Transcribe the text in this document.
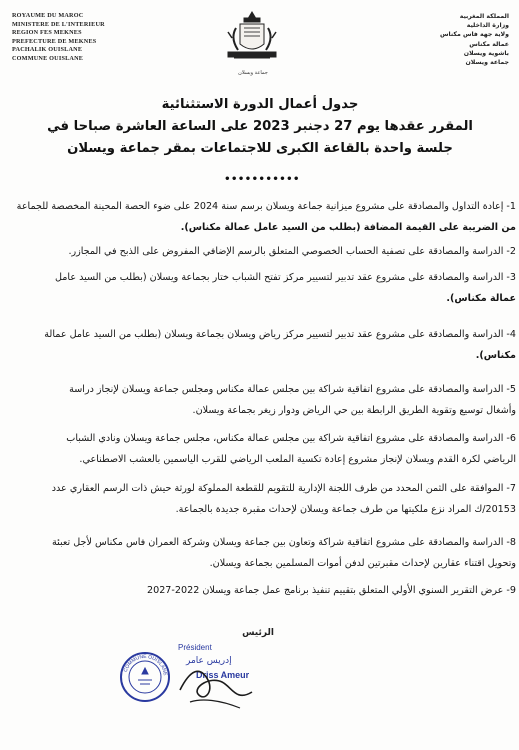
ROYAUME DU MAROC
MINISTERE DE L'INTERIEUR
REGION FES MEKNES
PREFECTURE DE MEKNES
PACHALIK OUISLANE
COMMUNE OUISLANE
جماعة ويسلان
المملكة المغربية
وزارة الداخلية
ولاية جهة فاس مكناس
عمالة مكناس
باشوية ويسلان
جماعة ويسلان
جدول أعمال الدورة الاستثنائية
المقرر عقدها يوم 27 دجنبر 2023 على الساعة العاشرة صباحا في
جلسة واحدة بالقاعة الكبرى للاجتماعات بمقر جماعة ويسلان
•••••••••••
1- إعادة التداول والمصادقة على مشروع ميزانية جماعة ويسلان برسم سنة 2024 على ضوء الحصة المحينة المخصصة للجماعة
من الضريبة على القيمة المضافة (بطلب من السيد عامل عمالة مكناس).
2- الدراسة والمصادقة على تصفية الحساب الخصوصي المتعلق بالرسم الإضافي المفروض على الذبح في المجازر.
3- الدراسة والمصادقة على مشروع عقد تدبير لتسيير مركز تفتح الشباب ختار بجماعة ويسلان (بطلب من السيد عامل
عمالة مكناس).
4- الدراسة والمصادقة على مشروع عقد تدبير لتسيير مركز رياض ويسلان بجماعة ويسلان (بطلب من السيد عامل عمالة
مكناس).
5- الدراسة والمصادقة على مشروع اتفاقية شراكة بين مجلس عمالة مكناس ومجلس جماعة ويسلان لإنجاز دراسة
وأشغال توسيع وتقوية الطريق الرابطة بين حي الرياض ودوار زيغر بجماعة ويسلان.
6- الدراسة والمصادقة على مشروع اتفاقية شراكة بين مجلس عمالة مكناس، مجلس جماعة ويسلان ونادي الشباب
الرياضي لكرة القدم ويسلان لإنجاز مشروع إعادة تكسية الملعب الرياضي للقرب الياسمين بالعشب الاصطناعي.
7- الموافقة على الثمن المحدد من طرف اللجنة الإدارية للتقويم للقطعة المملوكة لورثة حيش ذات الرسم العقاري عدد
20153/ك المراد نزع ملكيتها من طرف جماعة ويسلان لإحداث مقبرة جديدة بالجماعة.
8- الدراسة والمصادقة على مشروع اتفاقية شراكة وتعاون بين جماعة ويسلان وشركة العمران فاس مكناس لأجل تعبئة
وتحويل اقتناء عقارين لإحداث مقبرتين لدفن أموات المسلمين بجماعة ويسلان.
9- عرض التقرير السنوي الأولي المتعلق بتقييم تنفيذ برنامج عمل جماعة ويسلان 2022-2027
الرئيس
COMMUNE OUISLANE
Président
إدريس عامر
Driss Ameur
